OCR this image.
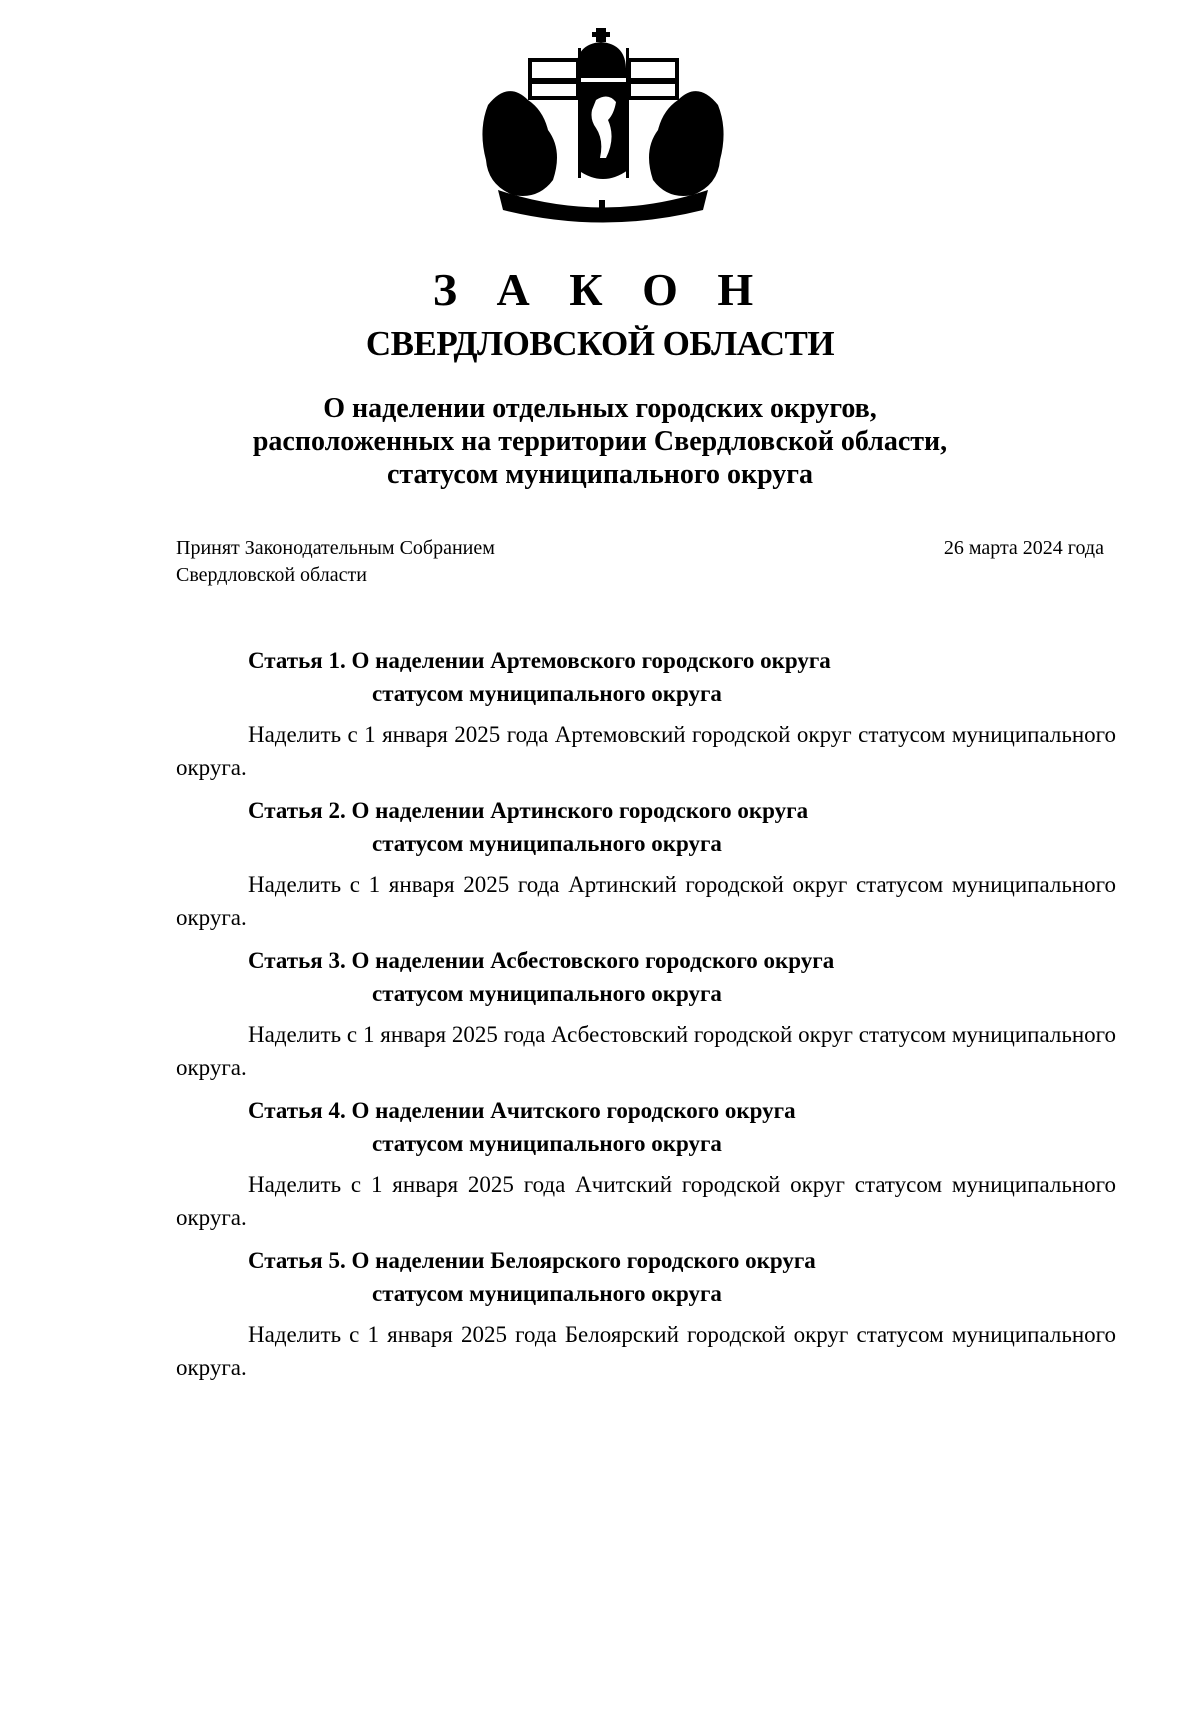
З А К О Н
СВЕРДЛОВСКОЙ ОБЛАСТИ
О наделении отдельных городских округов,
расположенных на территории Свердловской области,
статусом муниципального округа
Принят Законодательным Собранием
Свердловской области
26 марта 2024 года
Статья 1. О наделении Артемовского городского округа
статусом муниципального округа
Наделить с 1 января 2025 года Артемовский городской округ статусом муниципального округа.
Статья 2. О наделении Артинского городского округа
статусом муниципального округа
Наделить с 1 января 2025 года Артинский городской округ статусом муниципального округа.
Статья 3. О наделении Асбестовского городского округа
статусом муниципального округа
Наделить с 1 января 2025 года Асбестовский городской округ статусом муниципального округа.
Статья 4. О наделении Ачитского городского округа
статусом муниципального округа
Наделить с 1 января 2025 года Ачитский городской округ статусом муниципального округа.
Статья 5. О наделении Белоярского городского округа
статусом муниципального округа
Наделить с 1 января 2025 года Белоярский городской округ статусом муниципального округа.
